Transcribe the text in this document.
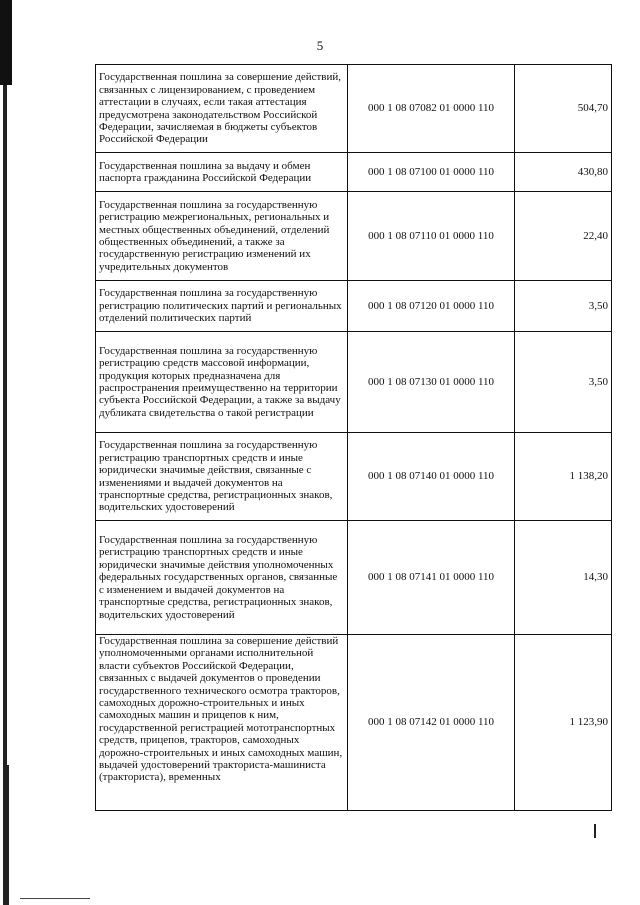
5
Государственная пошлина за совершение действий, связанных с лицензированием, с проведением аттестации в случаях, если такая аттестация предусмотрена законодательством Российской Федерации, зачисляемая в бюджеты субъектов Российской Федерации	000 1 08 07082 01 0000 110	504,70
Государственная пошлина за выдачу и обмен паспорта гражданина Российской Федерации	000 1 08 07100 01 0000 110	430,80
Государственная пошлина за государственную регистрацию межрегиональных, региональных и местных общественных объединений, отделений общественных объединений, а также за государственную регистрацию изменений их учредительных документов	000 1 08 07110 01 0000 110	22,40
Государственная пошлина за государственную регистрацию политических партий и региональных отделений политических партий	000 1 08 07120 01 0000 110	3,50
Государственная пошлина за государственную регистрацию средств массовой информации, продукция которых предназначена для распространения преимущественно на территории субъекта Российской Федерации, а также за выдачу дубликата свидетельства о такой регистрации	000 1 08 07130 01 0000 110	3,50
Государственная пошлина за государственную регистрацию транспортных средств и иные юридически значимые действия, связанные с изменениями и выдачей документов на транспортные средства, регистрационных знаков, водительских удостоверений	000 1 08 07140 01 0000 110	1 138,20
Государственная пошлина за государственную регистрацию транспортных средств и иные юридически значимые действия уполномоченных федеральных государственных органов, связанные с изменением и выдачей документов на транспортные средства, регистрационных знаков, водительских удостоверений	000 1 08 07141 01 0000 110	14,30
Государственная пошлина за совершение действий уполномоченными органами исполнительной власти субъектов Российской Федерации, связанных с выдачей документов о проведении государственного технического осмотра тракторов, самоходных дорожно-строительных и иных самоходных машин и прицепов к ним, государственной регистрацией мототранспортных средств, прицепов, тракторов, самоходных дорожно-строительных и иных самоходных машин, выдачей удостоверений тракториста-машиниста (тракториста), временных	000 1 08 07142 01 0000 110	1 123,90
